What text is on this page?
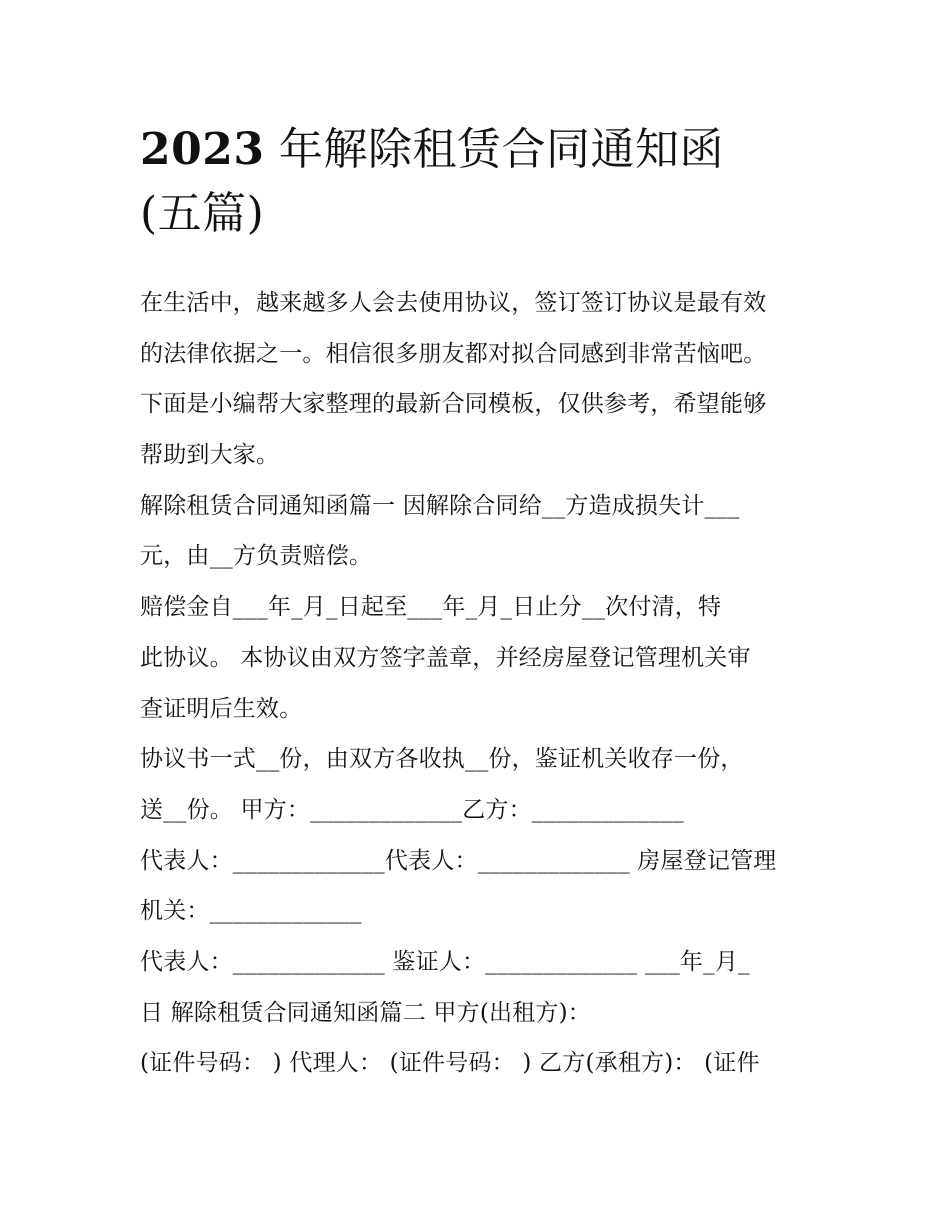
2023 年解除租赁合同通知函
(五篇)
在生活中，越来越多人会去使用协议，签订签订协议是最有效
的法律依据之一。相信很多朋友都对拟合同感到非常苦恼吧。
下面是小编帮大家整理的最新合同模板，仅供参考，希望能够
帮助到大家。
解除租赁合同通知函篇一 因解除合同给__方造成损失计___
元，由__方负责赔偿。
赔偿金自___年_月_日起至___年_月_日止分__次付清，特
此协议。 本协议由双方签字盖章，并经房屋登记管理机关审
查证明后生效。
协议书一式__份，由双方各收执__份，鉴证机关收存一份，
送__份。 甲方：_____________乙方：_____________
代表人：_____________代表人：_____________ 房屋登记管理
机关：_____________
代表人：_____________ 鉴证人：_____________ ___年_月_
日 解除租赁合同通知函篇二 甲方(出租方)：
(证件号码： ) 代理人： (证件号码： ) 乙方(承租方)： (证件
